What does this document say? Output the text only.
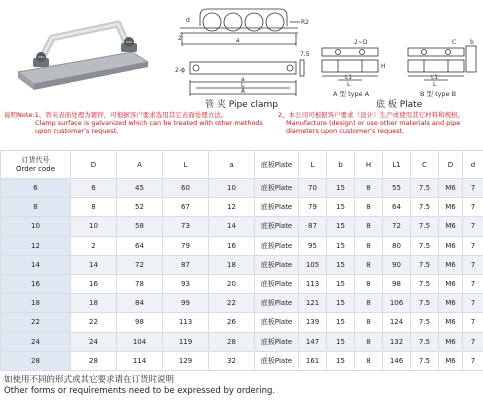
d
2
R2
a
2-ϕ
7.5
a
L
A
2~D
L1
L
H
A 型 type A
C b
L1
L
B 型 type B
管 夹 Pipe clamp	底 板 Plate
说明Note:1、管夹表面处理为镀锌，可根据客户要求选用其它表面处理方法。
Clamp surface is galvanized which can be treated with other methods
upon customer’s request.
2、本公司可根据客户要求（设计）生产或使用其它材料和规格。
Manufacture (design) or use other materials and pipe
diameters upon customer’s request.
订货代号
Order code	D	A	L	a	底板Plate	L	b	H	L1	C	D	d
6	6	45	60	10	底板Plate	70	15	8	55	7.5	M6	7
8	8	52	67	12	底板Plate	79	15	8	64	7.5	M6	7
10	10	58	73	14	底板Plate	87	15	8	72	7.5	M6	7
12	2	64	79	16	底板Plate	95	15	8	80	7.5	M6	7
14	14	72	87	18	底板Plate	105	15	8	90	7.5	M6	7
16	16	78	93	20	底板Plate	113	15	8	98	7.5	M6	7
18	18	84	99	22	底板Plate	121	15	8	106	7.5	M6	7
22	22	98	113	26	底板Plate	139	15	8	124	7.5	M6	7
24	24	104	119	28	底板Plate	147	15	8	132	7.5	M6	7
28	28	114	129	32	底板Plate	161	15	8	146	7.5	M6	7
如使用不同的形式或其它要求请在订货时说明
Other forms or requirements need to be expressed by ordering.
